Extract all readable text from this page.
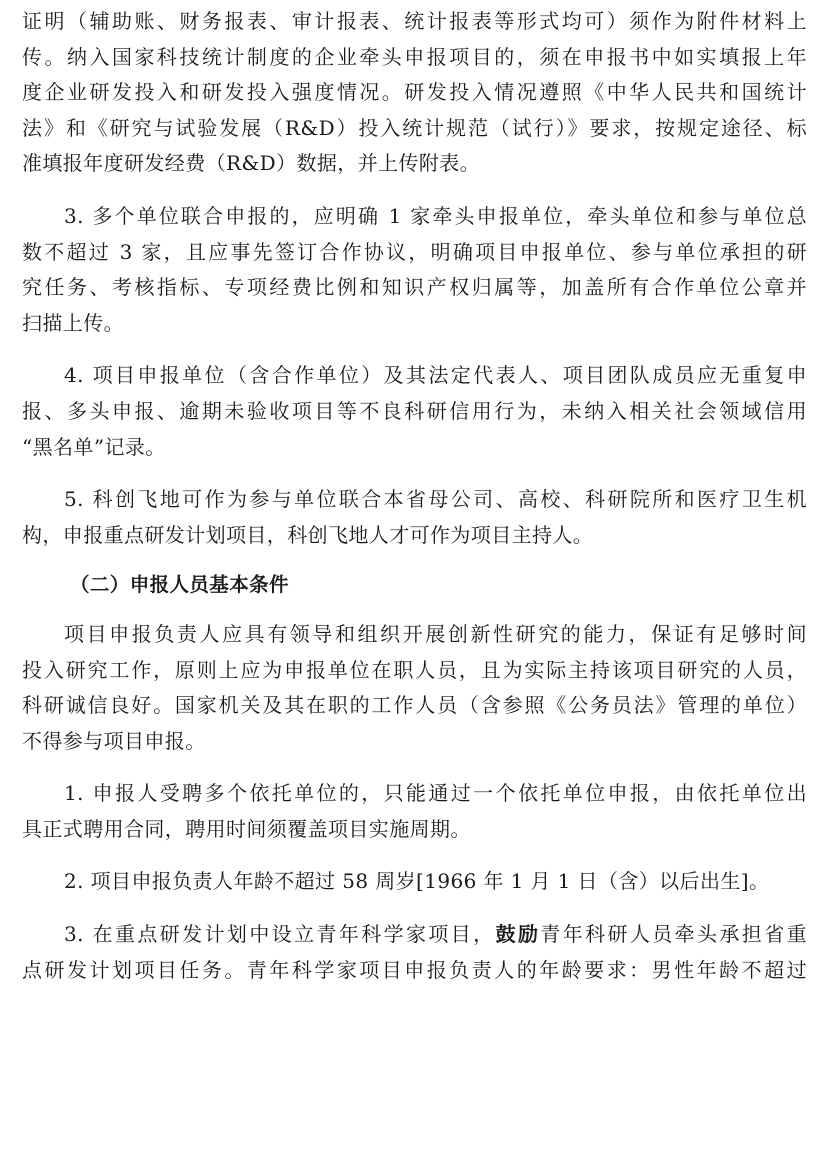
证明（辅助账、财务报表、审计报表、统计报表等形式均可）须作为附件材料上
传。纳入国家科技统计制度的企业牵头申报项目的，须在申报书中如实填报上年
度企业研发投入和研发投入强度情况。研发投入情况遵照《中华人民共和国统计
法》和《研究与试验发展（R&D）投入统计规范（试行）》要求，按规定途径、标
准填报年度研发经费（R&D）数据，并上传附表。

3. 多个单位联合申报的，应明确 1 家牵头申报单位，牵头单位和参与单位总
数不超过 3 家，且应事先签订合作协议，明确项目申报单位、参与单位承担的研
究任务、考核指标、专项经费比例和知识产权归属等，加盖所有合作单位公章并
扫描上传。

4. 项目申报单位（含合作单位）及其法定代表人、项目团队成员应无重复申
报、多头申报、逾期未验收项目等不良科研信用行为，未纳入相关社会领域信用
“黑名单”记录。

5. 科创飞地可作为参与单位联合本省母公司、高校、科研院所和医疗卫生机
构，申报重点研发计划项目，科创飞地人才可作为项目主持人。

（二）申报人员基本条件

项目申报负责人应具有领导和组织开展创新性研究的能力，保证有足够时间
投入研究工作，原则上应为申报单位在职人员，且为实际主持该项目研究的人员，
科研诚信良好。国家机关及其在职的工作人员（含参照《公务员法》管理的单位）
不得参与项目申报。

1. 申报人受聘多个依托单位的，只能通过一个依托单位申报，由依托单位出
具正式聘用合同，聘用时间须覆盖项目实施周期。

2. 项目申报负责人年龄不超过 58 周岁[1966 年 1 月 1 日（含）以后出生]。

3. 在重点研发计划中设立青年科学家项目，鼓励青年科研人员牵头承担省重
点研发计划项目任务。青年科学家项目申报负责人的年龄要求：男性年龄不超过
